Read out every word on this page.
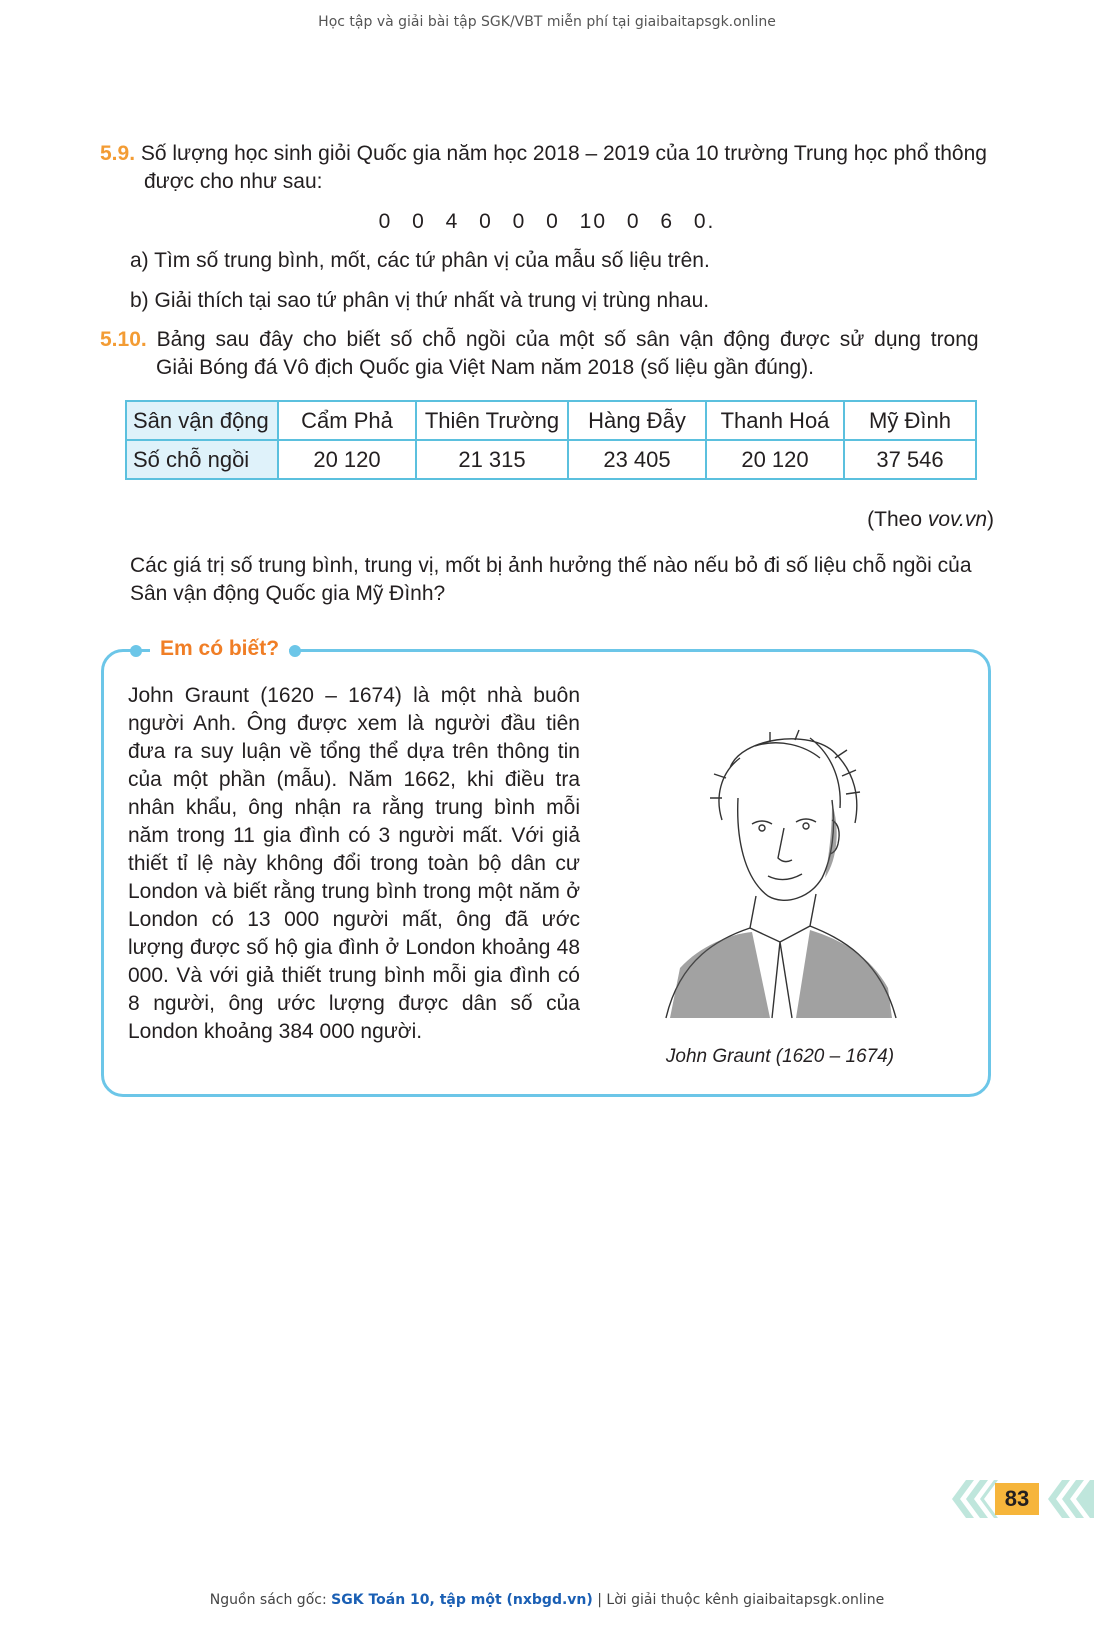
Học tập và giải bài tập SGK/VBT miễn phí tại giaibaitapsgk.online
5.9. Số lượng học sinh giỏi Quốc gia năm học 2018 – 2019 của 10 trường Trung học phổ thông
được cho như sau:
0 0 4 0 0 0 10 0 6 0.
a) Tìm số trung bình, mốt, các tứ phân vị của mẫu số liệu trên.
b) Giải thích tại sao tứ phân vị thứ nhất và trung vị trùng nhau.
5.10. Bảng sau đây cho biết số chỗ ngồi của một số sân vận động được sử dụng trong
Giải Bóng đá Vô địch Quốc gia Việt Nam năm 2018 (số liệu gần đúng).
Sân vận động	Cẩm Phả	Thiên Trường	Hàng Đẫy	Thanh Hoá	Mỹ Đình
Số chỗ ngồi	20 120	21 315	23 405	20 120	37 546
(Theo vov.vn)
Các giá trị số trung bình, trung vị, mốt bị ảnh hưởng thế nào nếu bỏ đi số liệu chỗ ngồi của
Sân vận động Quốc gia Mỹ Đình?
Em có biết?
John Graunt (1620 – 1674) là một nhà buôn người Anh. Ông được xem là người đầu tiên đưa ra suy luận về tổng thể dựa trên thông tin của một phần (mẫu). Năm 1662, khi điều tra nhân khẩu, ông nhận ra rằng trung bình mỗi năm trong 11 gia đình có 3 người mất. Với giả thiết tỉ lệ này không đổi trong toàn bộ dân cư London và biết rằng trung bình trong một năm ở London có 13 000 người mất, ông đã ước lượng được số hộ gia đình ở London khoảng 48 000. Và với giả thiết trung bình mỗi gia đình có 8 người, ông ước lượng được dân số của London khoảng 384 000 người.
John Graunt (1620 – 1674)
83
Nguồn sách gốc: SGK Toán 10, tập một (nxbgd.vn) | Lời giải thuộc kênh giaibaitapsgk.online
